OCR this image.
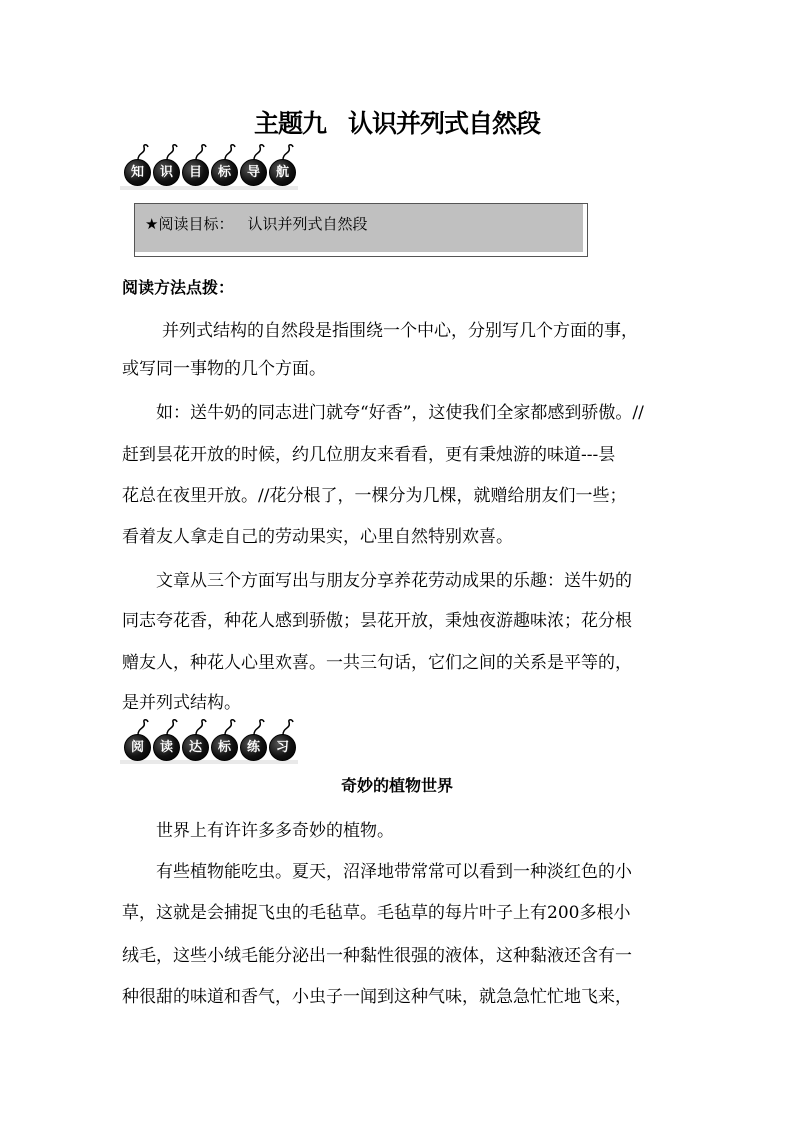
主题九 认识并列式自然段
知	识	目	标	导	航
★阅读目标： 认识并列式自然段
阅读方法点拨：
并列式结构的自然段是指围绕一个中心，分别写几个方面的事，
或写同一事物的几个方面。
如：送牛奶的同志进门就夸“好香”，这使我们全家都感到骄傲。//
赶到昙花开放的时候，约几位朋友来看看，更有秉烛游的味道---昙
花总在夜里开放。//花分根了，一棵分为几棵，就赠给朋友们一些；
看着友人拿走自己的劳动果实，心里自然特别欢喜。
文章从三个方面写出与朋友分享养花劳动成果的乐趣：送牛奶的
同志夸花香，种花人感到骄傲；昙花开放，秉烛夜游趣味浓；花分根
赠友人，种花人心里欢喜。一共三句话，它们之间的关系是平等的，
是并列式结构。
阅	读	达	标	练	习
奇妙的植物世界
世界上有许许多多奇妙的植物。
有些植物能吃虫。夏天，沼泽地带常常可以看到一种淡红色的小
草，这就是会捕捉飞虫的毛毡草。毛毡草的每片叶子上有200多根小
绒毛，这些小绒毛能分泌出一种黏性很强的液体，这种黏液还含有一
种很甜的味道和香气，小虫子一闻到这种气味，就急急忙忙地飞来，
